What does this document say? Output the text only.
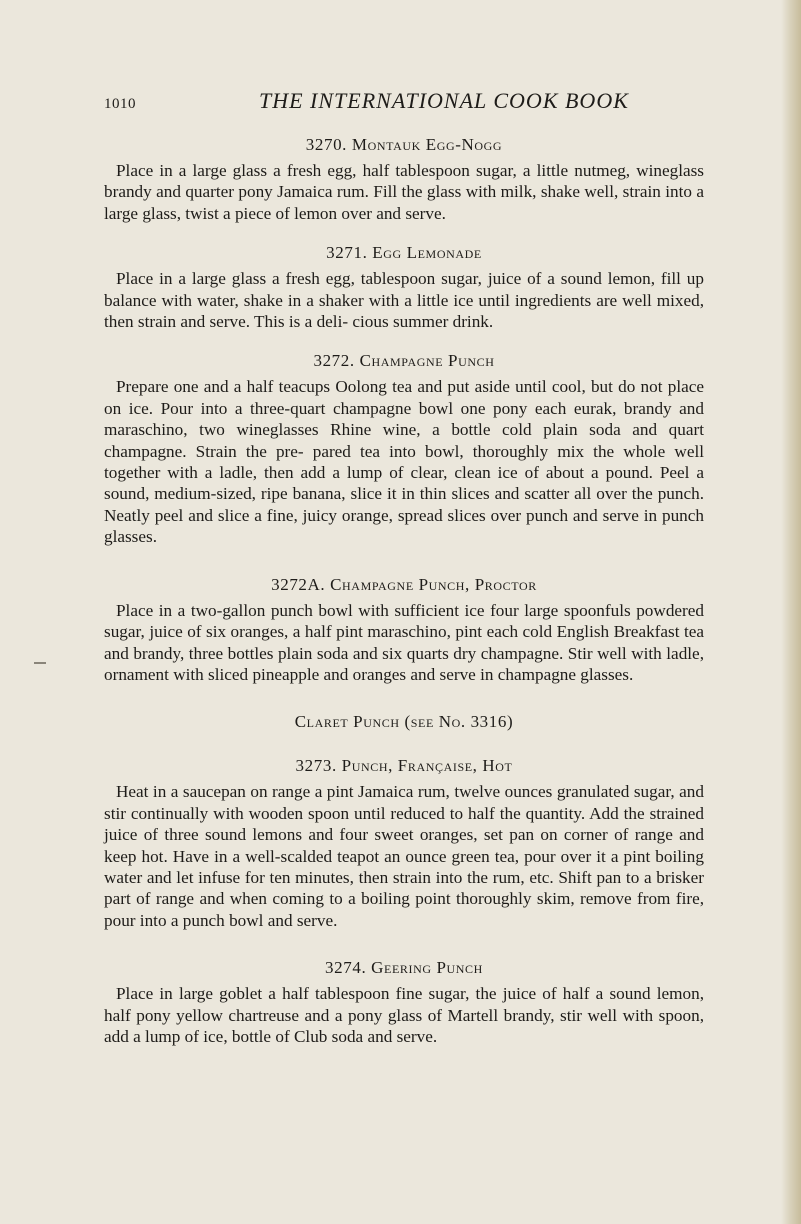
1010	THE INTERNATIONAL COOK BOOK
3270. Montauk Egg-Nogg

Place in a large glass a fresh egg, half tablespoon sugar, a little nutmeg, wineglass brandy and quarter pony Jamaica rum. Fill the glass with milk, shake well, strain into a large glass, twist a piece of lemon over and serve.

3271. Egg Lemonade

Place in a large glass a fresh egg, tablespoon sugar, juice of a sound lemon, fill up balance with water, shake in a shaker with a little ice until ingredients are well mixed, then strain and serve. This is a deli- cious summer drink.

3272. Champagne Punch

Prepare one and a half teacups Oolong tea and put aside until cool, but do not place on ice. Pour into a three-quart champagne bowl one pony each eurak, brandy and maraschino, two wineglasses Rhine wine, a bottle cold plain soda and quart champagne. Strain the pre- pared tea into bowl, thoroughly mix the whole well together with a ladle, then add a lump of clear, clean ice of about a pound. Peel a sound, medium-sized, ripe banana, slice it in thin slices and scatter all over the punch. Neatly peel and slice a fine, juicy orange, spread slices over punch and serve in punch glasses.

3272A. Champagne Punch, Proctor

Place in a two-gallon punch bowl with sufficient ice four large spoonfuls powdered sugar, juice of six oranges, a half pint maraschino, pint each cold English Breakfast tea and brandy, three bottles plain soda and six quarts dry champagne. Stir well with ladle, ornament with sliced pineapple and oranges and serve in champagne glasses.

Claret Punch (see No. 3316)
3273. Punch, Française, Hot

Heat in a saucepan on range a pint Jamaica rum, twelve ounces granulated sugar, and stir continually with wooden spoon until reduced to half the quantity. Add the strained juice of three sound lemons and four sweet oranges, set pan on corner of range and keep hot. Have in a well-scalded teapot an ounce green tea, pour over it a pint boiling water and let infuse for ten minutes, then strain into the rum, etc. Shift pan to a brisker part of range and when coming to a boiling point thoroughly skim, remove from fire, pour into a punch bowl and serve.

3274. Geering Punch

Place in large goblet a half tablespoon fine sugar, the juice of half a sound lemon, half pony yellow chartreuse and a pony glass of Martell brandy, stir well with spoon, add a lump of ice, bottle of Club soda and serve.
